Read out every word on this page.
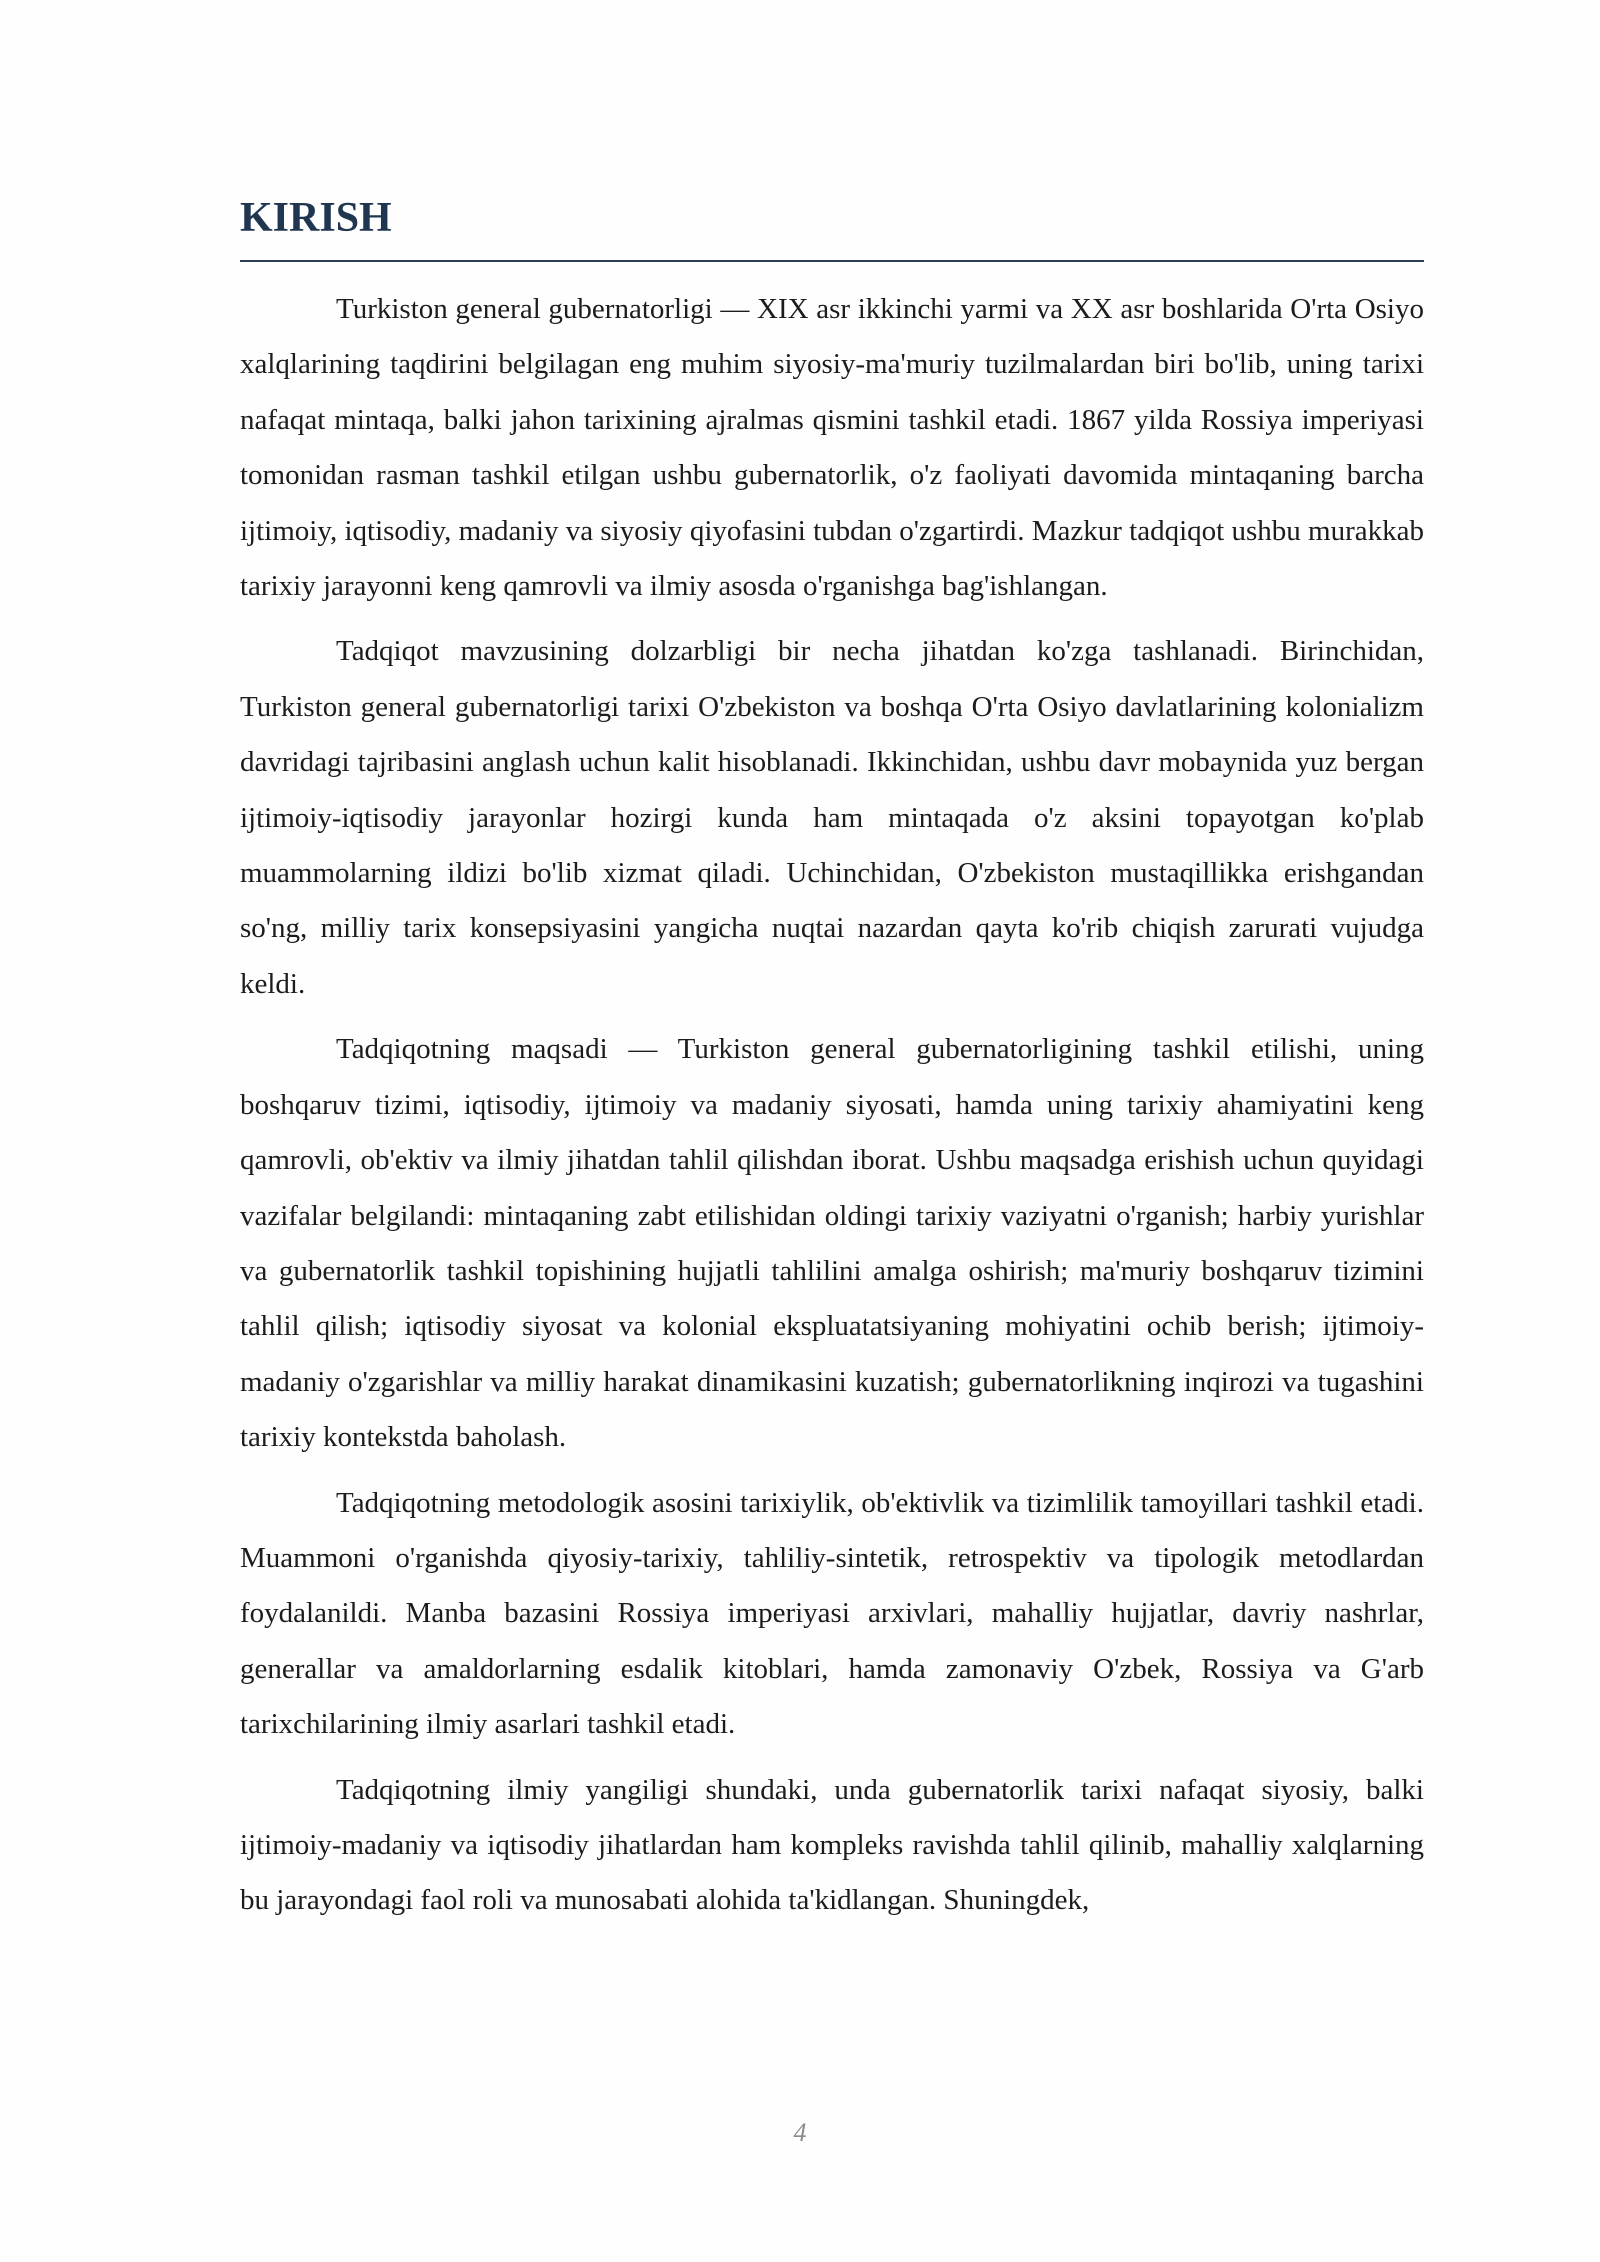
KIRISH

Turkiston general gubernatorligi — XIX asr ikkinchi yarmi va XX asr boshlarida O'rta Osiyo xalqlarining taqdirini belgilagan eng muhim siyosiy-ma'muriy tuzilmalardan biri bo'lib, uning tarixi nafaqat mintaqa, balki jahon tarixining ajralmas qismini tashkil etadi. 1867 yilda Rossiya imperiyasi tomonidan rasman tashkil etilgan ushbu gubernatorlik, o'z faoliyati davomida mintaqaning barcha ijtimoiy, iqtisodiy, madaniy va siyosiy qiyofasini tubdan o'zgartirdi. Mazkur tadqiqot ushbu murakkab tarixiy jarayonni keng qamrovli va ilmiy asosda o'rganishga bag'ishlangan.

Tadqiqot mavzusining dolzarbligi bir necha jihatdan ko'zga tashlanadi. Birinchidan, Turkiston general gubernatorligi tarixi O'zbekiston va boshqa O'rta Osiyo davlatlarining kolonializm davridagi tajribasini anglash uchun kalit hisoblanadi. Ikkinchidan, ushbu davr mobaynida yuz bergan ijtimoiy-iqtisodiy jarayonlar hozirgi kunda ham mintaqada o'z aksini topayotgan ko'plab muammolarning ildizi bo'lib xizmat qiladi. Uchinchidan, O'zbekiston mustaqillikka erishgandan so'ng, milliy tarix konsepsiyasini yangicha nuqtai nazardan qayta ko'rib chiqish zarurati vujudga keldi.

Tadqiqotning maqsadi — Turkiston general gubernatorligining tashkil etilishi, uning boshqaruv tizimi, iqtisodiy, ijtimoiy va madaniy siyosati, hamda uning tarixiy ahamiyatini keng qamrovli, ob'ektiv va ilmiy jihatdan tahlil qilishdan iborat. Ushbu maqsadga erishish uchun quyidagi vazifalar belgilandi: mintaqaning zabt etilishidan oldingi tarixiy vaziyatni o'rganish; harbiy yurishlar va gubernatorlik tashkil topishining hujjatli tahlilini amalga oshirish; ma'muriy boshqaruv tizimini tahlil qilish; iqtisodiy siyosat va kolonial ekspluatatsiyaning mohiyatini ochib berish; ijtimoiy-madaniy o'zgarishlar va milliy harakat dinamikasini kuzatish; gubernatorlikning inqirozi va tugashini tarixiy kontekstda baholash.

Tadqiqotning metodologik asosini tarixiylik, ob'ektivlik va tizimlilik tamoyillari tashkil etadi. Muammoni o'rganishda qiyosiy-tarixiy, tahliliy-sintetik, retrospektiv va tipologik metodlardan foydalanildi. Manba bazasini Rossiya imperiyasi arxivlari, mahalliy hujjatlar, davriy nashrlar, generallar va amaldorlarning esdalik kitoblari, hamda zamonaviy O'zbek, Rossiya va G'arb tarixchilarining ilmiy asarlari tashkil etadi.

Tadqiqotning ilmiy yangiligi shundaki, unda gubernatorlik tarixi nafaqat siyosiy, balki ijtimoiy-madaniy va iqtisodiy jihatlardan ham kompleks ravishda tahlil qilinib, mahalliy xalqlarning bu jarayondagi faol roli va munosabati alohida ta'kidlangan. Shuningdek,

4
